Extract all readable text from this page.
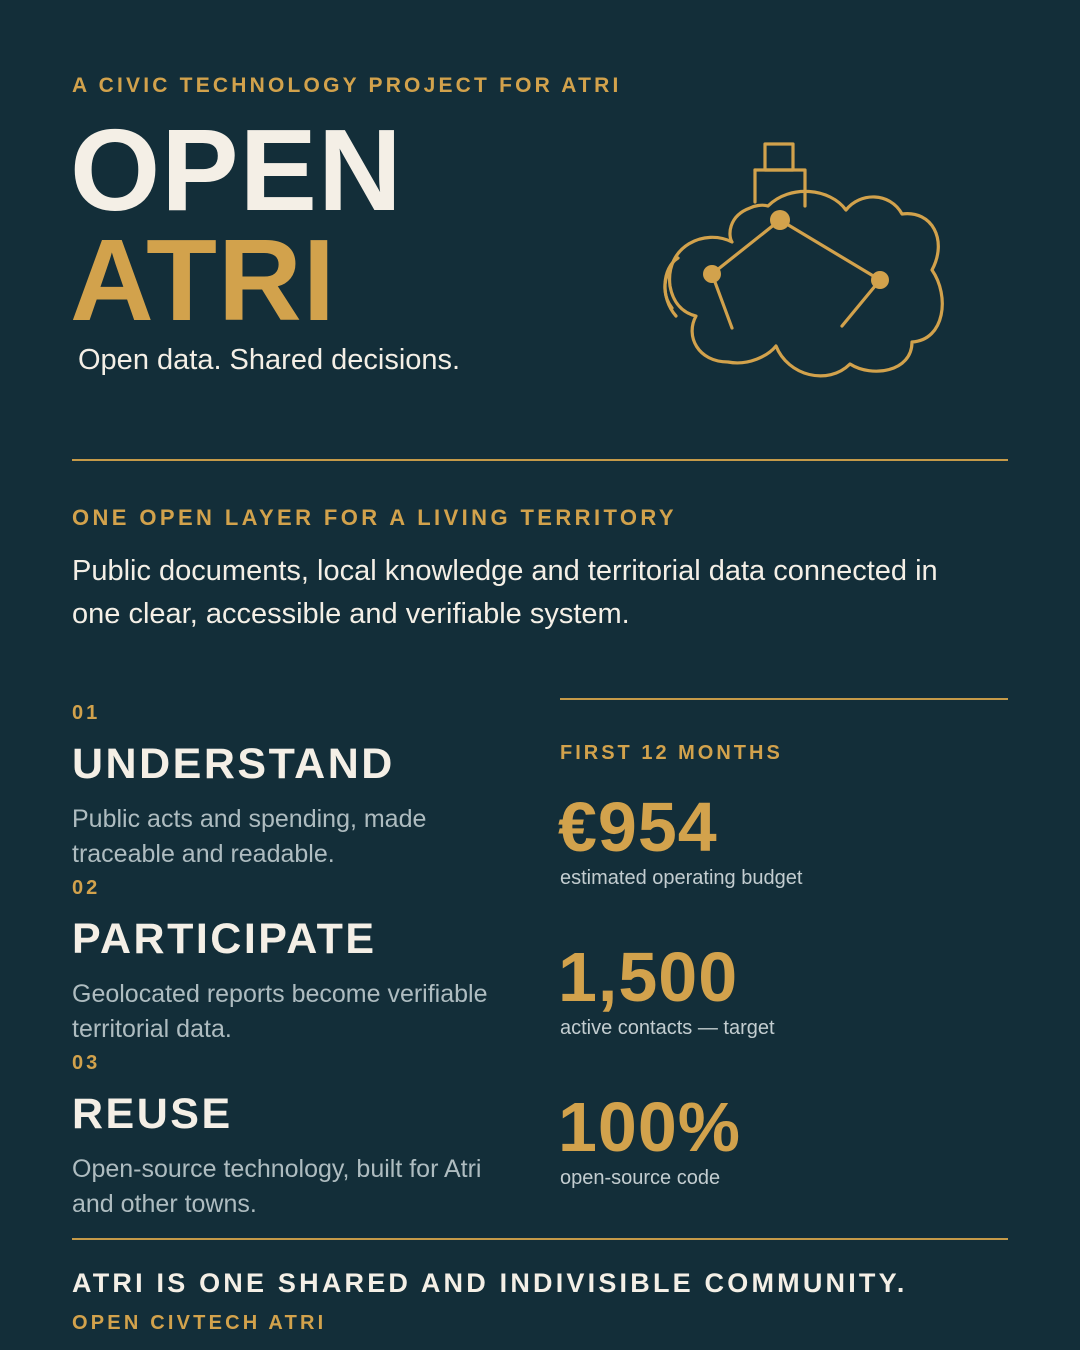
A CIVIC TECHNOLOGY PROJECT FOR ATRI

OPEN
ATRI

Open data. Shared decisions.

ONE OPEN LAYER FOR A LIVING TERRITORY

Public documents, local knowledge and territorial data connected in one clear, accessible and verifiable system.

01
UNDERSTAND
Public acts and spending, made traceable and readable.
02
PARTICIPATE
Geolocated reports become verifiable territorial data.
03
REUSE
Open-source technology, built for Atri and other towns.
FIRST 12 MONTHS
€954
estimated operating budget
1,500
active contacts — target
100%
open-source code

ATRI IS ONE SHARED AND INDIVISIBLE COMMUNITY.

OPEN CIVTECH ATRI
